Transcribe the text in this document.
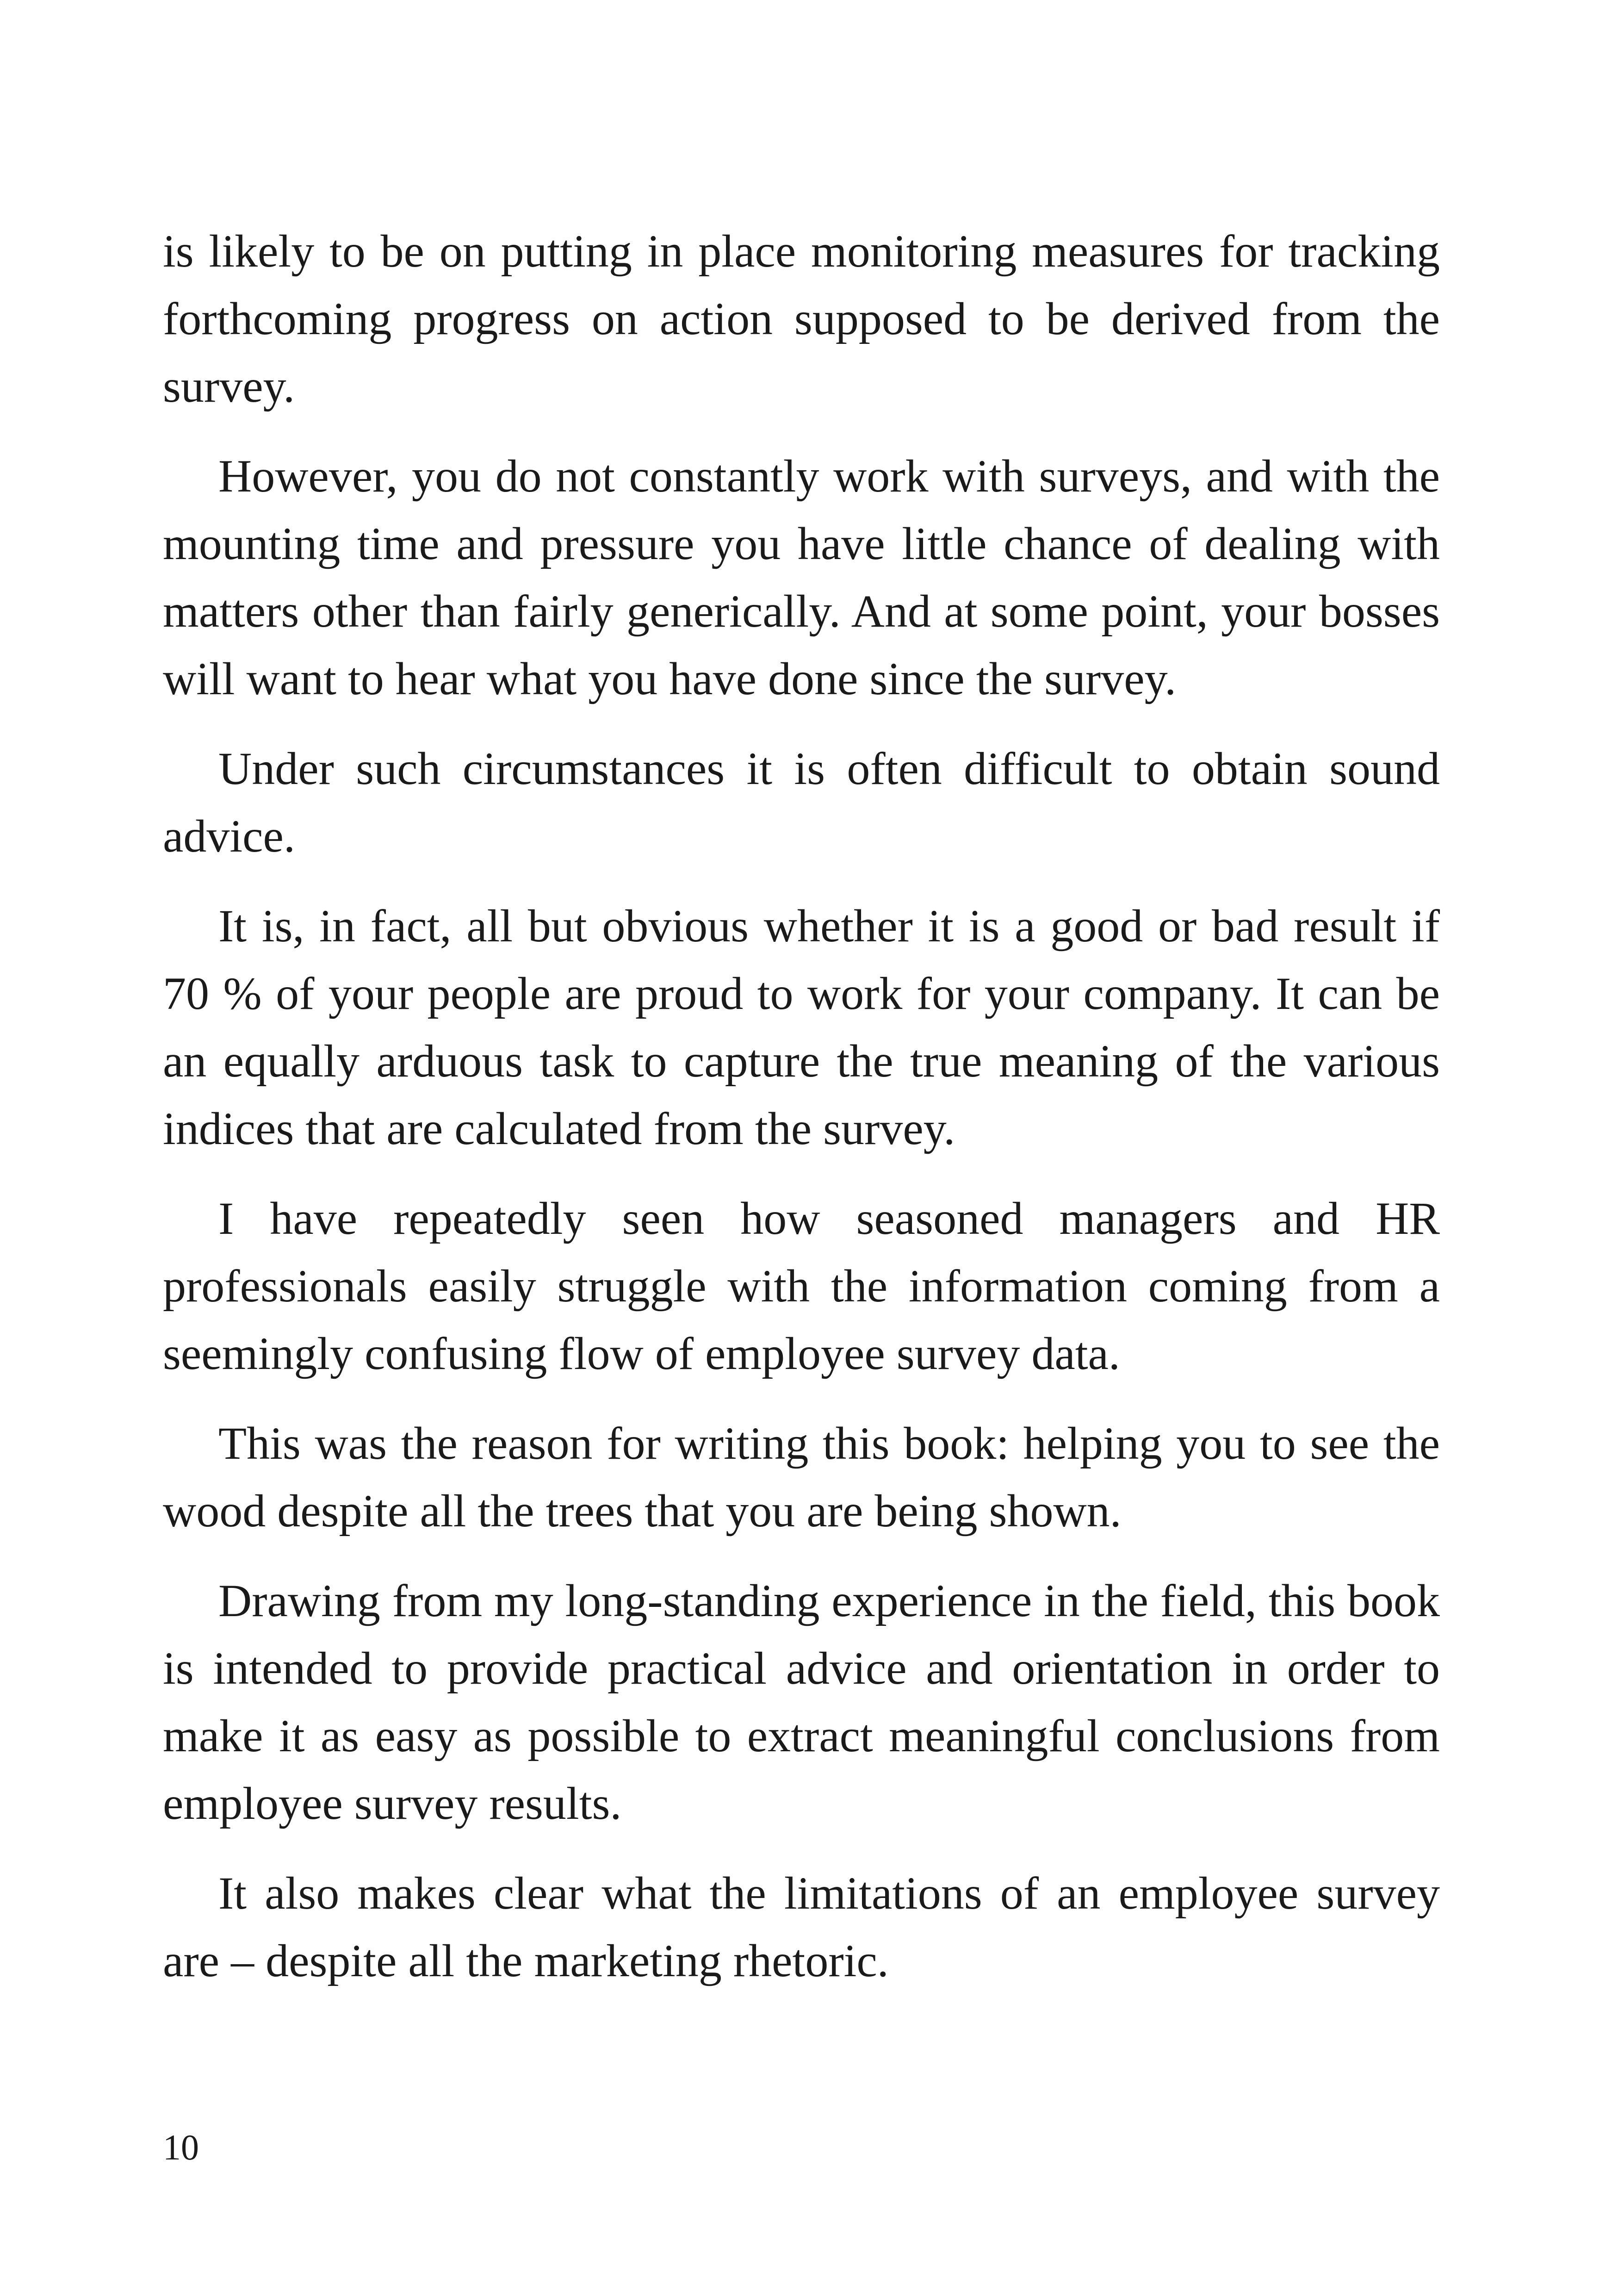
is likely to be on putting in place monitoring measures for tracking forthcoming progress on action supposed to be derived from the survey.

However, you do not constantly work with surveys, and with the mounting time and pressure you have little chance of dealing with matters other than fairly generically. And at some point, your bosses will want to hear what you have done since the survey.

Under such circumstances it is often difficult to obtain sound advice.

It is, in fact, all but obvious whether it is a good or bad result if 70 % of your people are proud to work for your company. It can be an equally arduous task to capture the true meaning of the various indices that are calculated from the survey.

I have repeatedly seen how seasoned managers and HR professionals easily struggle with the information coming from a seemingly confusing flow of employee survey data.

This was the reason for writing this book: helping you to see the wood despite all the trees that you are being shown.

Drawing from my long-standing experience in the field, this book is intended to provide practical advice and orientation in order to make it as easy as possible to extract meaningful conclusions from employee survey results.

It also makes clear what the limitations of an employee survey are – despite all the marketing rhetoric.

10
